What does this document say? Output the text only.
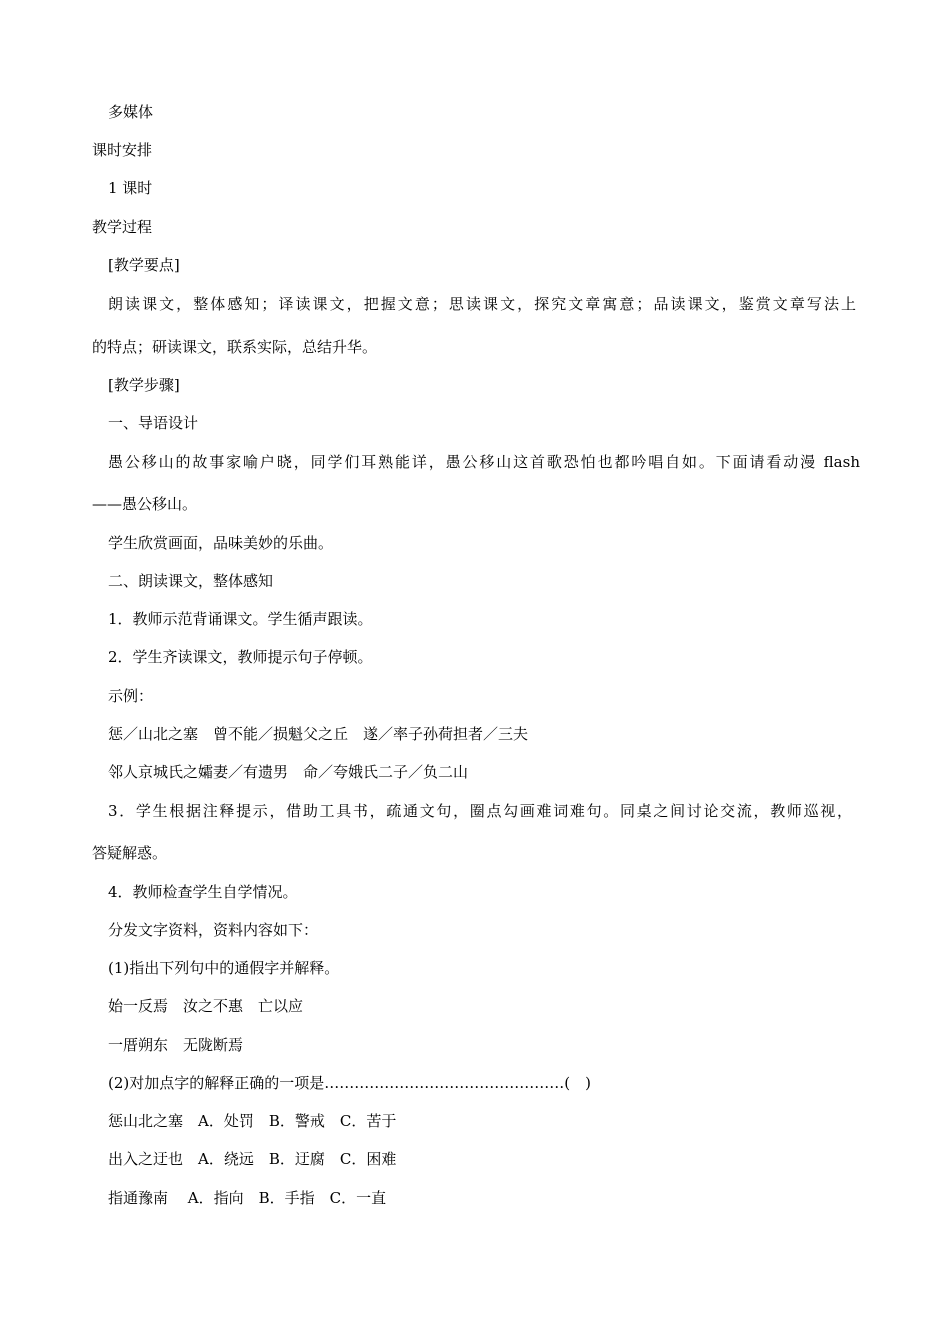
多媒体
课时安排
1 课时
教学过程
[教学要点]
朗读课文，整体感知；译读课文，把握文意；思读课文，探究文章寓意；品读课文，鉴赏文章写法上
的特点；研读课文，联系实际，总结升华。
[教学步骤]
一、导语设计
愚公移山的故事家喻户晓，同学们耳熟能详，愚公移山这首歌恐怕也都吟唱自如。下面请看动漫 flash
——愚公移山。
学生欣赏画面，品味美妙的乐曲。
二、朗读课文，整体感知
1．教师示范背诵课文。学生循声跟读。
2．学生齐读课文，教师提示句子停顿。
示例：
惩／山北之塞　曾不能／损魁父之丘　遂／率子孙荷担者／三夫
邻人京城氏之孀妻／有遗男　命／夸娥氏二子／负二山
3．学生根据注释提示，借助工具书，疏通文句，圈点勾画难词难句。同桌之间讨论交流，教师巡视，
答疑解惑。
4．教师检查学生自学情况。
分发文字资料，资料内容如下：
(1)指出下列句中的通假字并解释。
始一反焉　汝之不惠　亡以应
一厝朔东　无陇断焉
(2)对加点字的解释正确的一项是…………………………………………(　)
惩山北之塞　A．处罚　B．警戒　C．苦于
出入之迂也　A．绕远　B．迂腐　C．困难
指通豫南　 A．指向　B．手指　C．一直
